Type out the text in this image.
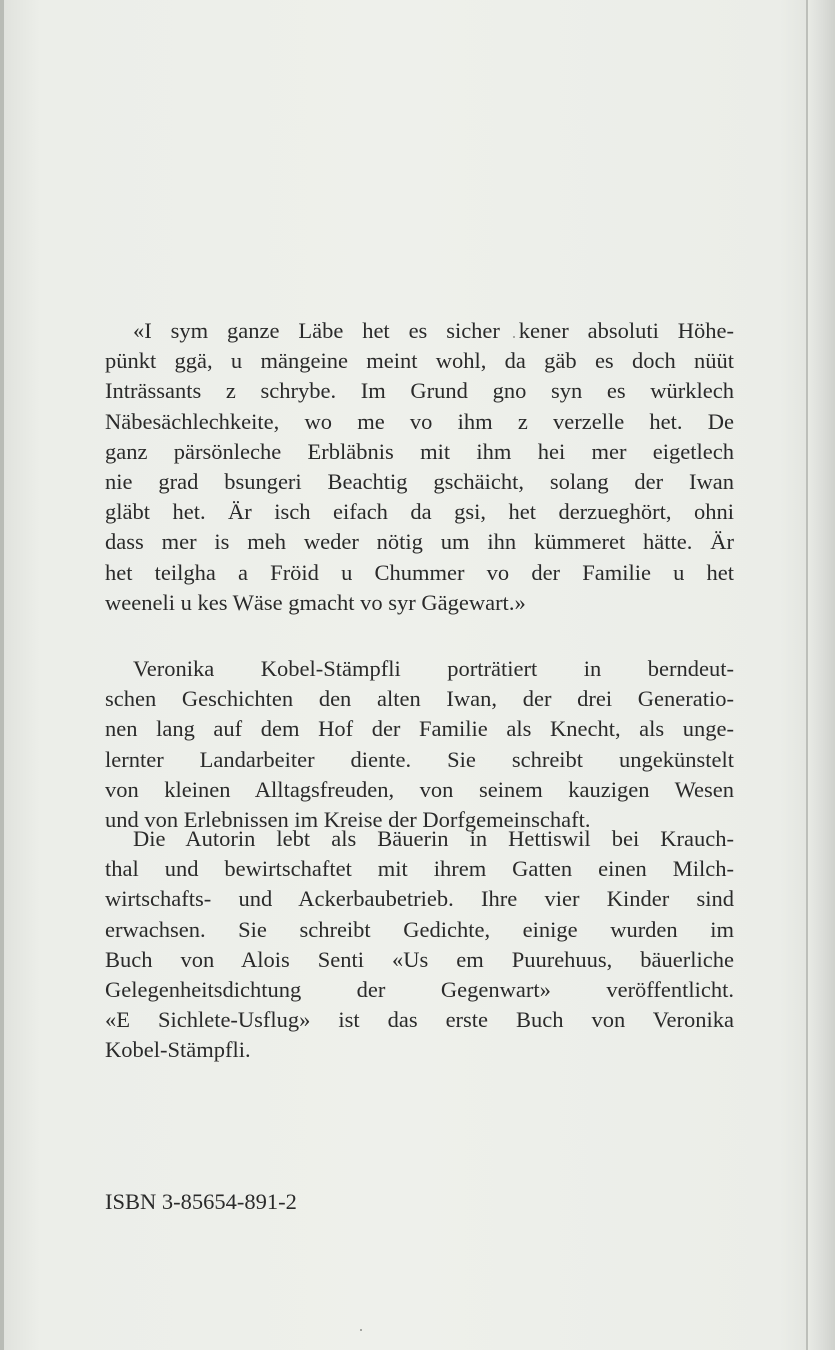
«I sym ganze Läbe het es sicher kener absoluti Höhe-
pünkt ggä, u mängeine meint wohl, da gäb es doch nüüt
Inträssants z schrybe. Im Grund gno syn es würklech
Näbesächlechkeite, wo me vo ihm z verzelle het. De
ganz pärsönleche Erbläbnis mit ihm hei mer eigetlech
nie grad bsungeri Beachtig gschäicht, solang der Iwan
gläbt het. Är isch eifach da gsi, het derzueghört, ohni
dass mer is meh weder nötig um ihn kümmeret hätte. Är
het teilgha a Fröid u Chummer vo der Familie u het
weeneli u kes Wäse gmacht vo syr Gägewart.»
Veronika Kobel-Stämpfli porträtiert in berndeut-
schen Geschichten den alten Iwan, der drei Generatio-
nen lang auf dem Hof der Familie als Knecht, als unge-
lernter Landarbeiter diente. Sie schreibt ungekünstelt
von kleinen Alltagsfreuden, von seinem kauzigen Wesen
und von Erlebnissen im Kreise der Dorfgemeinschaft.
Die Autorin lebt als Bäuerin in Hettiswil bei Krauch-
thal und bewirtschaftet mit ihrem Gatten einen Milch-
wirtschafts- und Ackerbaubetrieb. Ihre vier Kinder sind
erwachsen. Sie schreibt Gedichte, einige wurden im
Buch von Alois Senti «Us em Puurehuus, bäuerliche
Gelegenheitsdichtung der Gegenwart» veröffentlicht.
«E Sichlete-Usflug» ist das erste Buch von Veronika
Kobel-Stämpfli.
ISBN 3-85654-891-2
